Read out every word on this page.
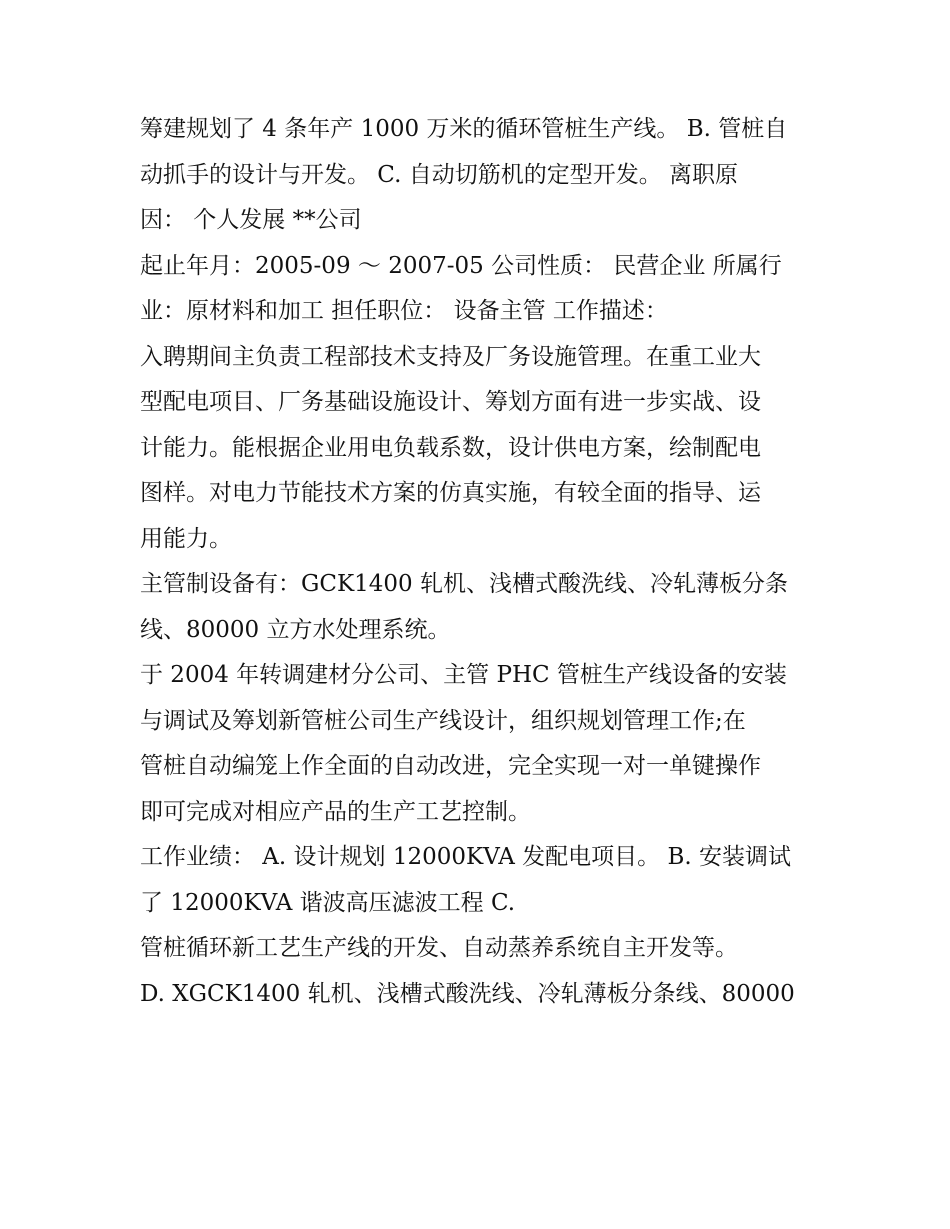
筹建规划了 4 条年产 1000 万米的循环管桩生产线。 B. 管桩自
动抓手的设计与开发。 C. 自动切筋机的定型开发。 离职原
因： 个人发展 **公司
起止年月：2005-09 ～ 2007-05 公司性质： 民营企业 所属行
业：原材料和加工 担任职位： 设备主管 工作描述：
入聘期间主负责工程部技术支持及厂务设施管理。在重工业大
型配电项目、厂务基础设施设计、筹划方面有进一步实战、设
计能力。能根据企业用电负载系数，设计供电方案，绘制配电
图样。对电力节能技术方案的仿真实施，有较全面的指导、运
用能力。
主管制设备有：GCK1400 轧机、浅槽式酸洗线、冷轧薄板分条
线、80000 立方水处理系统。
于 2004 年转调建材分公司、主管 PHC 管桩生产线设备的安装
与调试及筹划新管桩公司生产线设计，组织规划管理工作;在
管桩自动编笼上作全面的自动改进，完全实现一对一单键操作
即可完成对相应产品的生产工艺控制。
工作业绩： A. 设计规划 12000KVA 发配电项目。 B. 安装调试
了 12000KVA 谐波高压滤波工程 C.
管桩循环新工艺生产线的开发、自动蒸养系统自主开发等。
D. XGCK1400 轧机、浅槽式酸洗线、冷轧薄板分条线、80000
